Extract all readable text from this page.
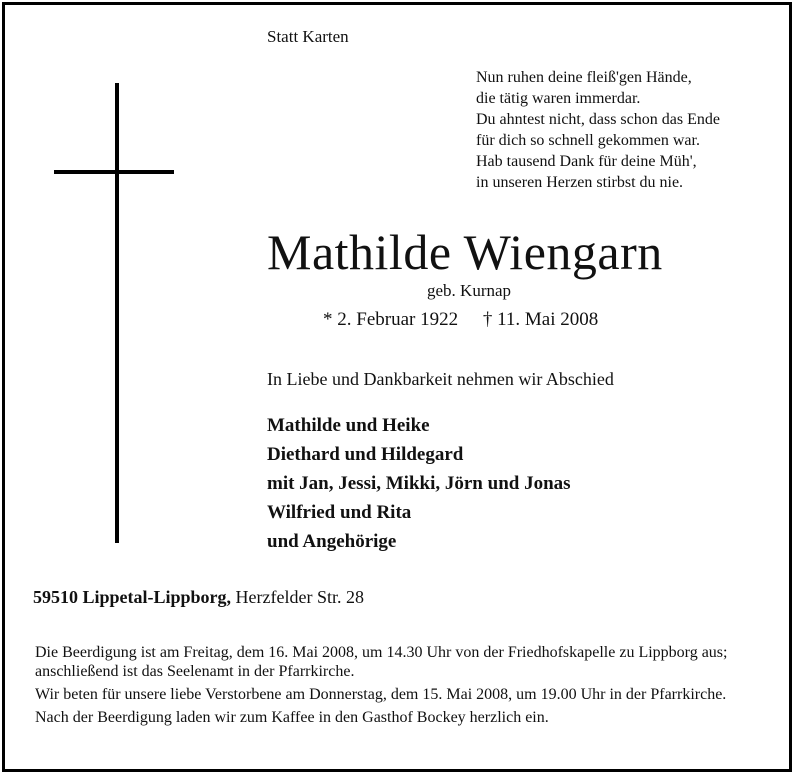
Statt Karten
Nun ruhen deine fleiß'gen Hände,
die tätig waren immerdar.
Du ahntest nicht, dass schon das Ende
für dich so schnell gekommen war.
Hab tausend Dank für deine Müh',
in unseren Herzen stirbst du nie.
Mathilde Wiengarn
geb. Kurnap
* 2. Februar 1922 † 11. Mai 2008
In Liebe und Dankbarkeit nehmen wir Abschied
Mathilde und Heike
Diethard und Hildegard
mit Jan, Jessi, Mikki, Jörn und Jonas
Wilfried und Rita
und Angehörige
59510 Lippetal-Lippborg, Herzfelder Str. 28

Die Beerdigung ist am Freitag, dem 16. Mai 2008, um 14.30 Uhr von der Friedhofskapelle zu Lippborg aus; anschließend ist das Seelenamt in der Pfarrkirche.

Wir beten für unsere liebe Verstorbene am Donnerstag, dem 15. Mai 2008, um 19.00 Uhr in der Pfarrkirche.

Nach der Beerdigung laden wir zum Kaffee in den Gasthof Bockey herzlich ein.
